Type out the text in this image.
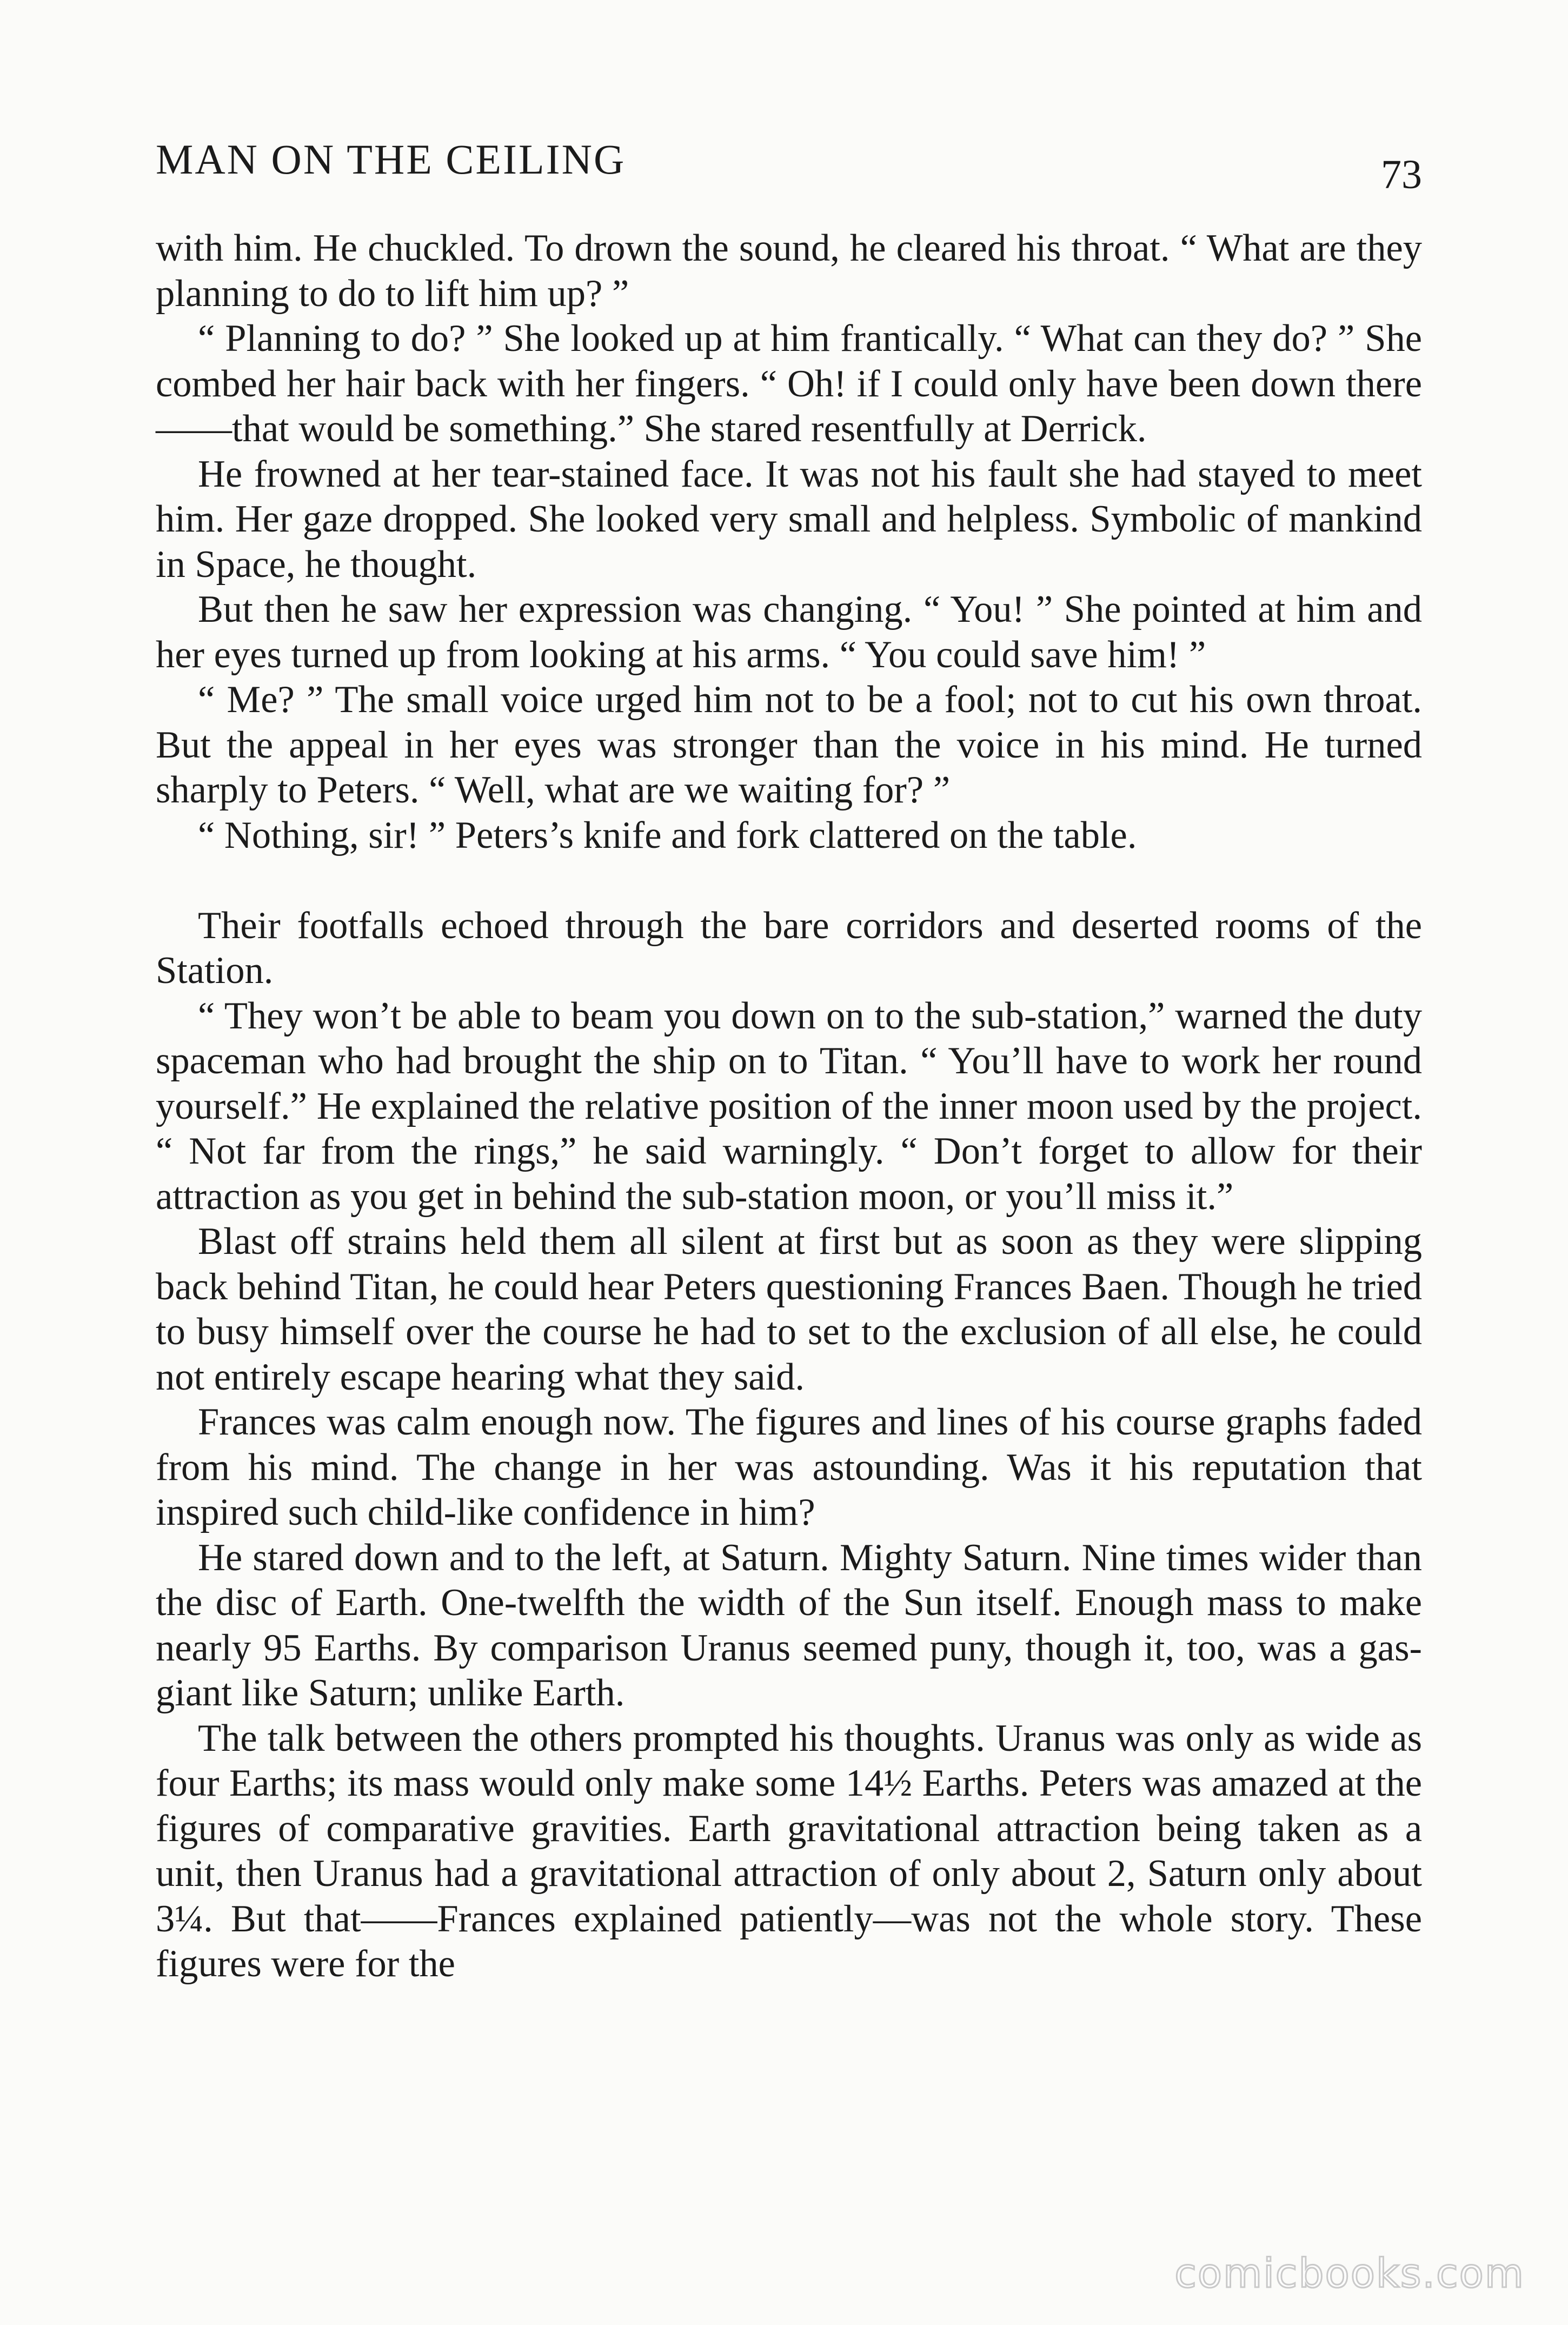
MAN ON THE CEILING	73

with him. He chuckled. To drown the sound, he cleared his throat. “ What are they planning to do to lift him up? ”

“ Planning to do? ” She looked up at him frantically. “ What can they do? ” She combed her hair back with her fingers. “ Oh! if I could only have been down there——that would be something.” She stared resentfully at Derrick.

He frowned at her tear-stained face. It was not his fault she had stayed to meet him. Her gaze dropped. She looked very small and helpless. Symbolic of mankind in Space, he thought.

But then he saw her expression was changing. “ You! ” She pointed at him and her eyes turned up from looking at his arms. “ You could save him! ”

“ Me? ” The small voice urged him not to be a fool; not to cut his own throat. But the appeal in her eyes was stronger than the voice in his mind. He turned sharply to Peters. “ Well, what are we waiting for? ”

“ Nothing, sir! ” Peters’s knife and fork clattered on the table.

Their footfalls echoed through the bare corridors and deserted rooms of the Station.

“ They won’t be able to beam you down on to the sub-station,” warned the duty spaceman who had brought the ship on to Titan. “ You’ll have to work her round yourself.” He explained the relative position of the inner moon used by the project. “ Not far from the rings,” he said warningly. “ Don’t forget to allow for their attraction as you get in behind the sub-station moon, or you’ll miss it.”

Blast off strains held them all silent at first but as soon as they were slipping back behind Titan, he could hear Peters questioning Frances Baen. Though he tried to busy himself over the course he had to set to the exclusion of all else, he could not entirely escape hearing what they said.

Frances was calm enough now. The figures and lines of his course graphs faded from his mind. The change in her was astounding. Was it his reputation that inspired such child-like confidence in him?

He stared down and to the left, at Saturn. Mighty Saturn. Nine times wider than the disc of Earth. One-twelfth the width of the Sun itself. Enough mass to make nearly 95 Earths. By comparison Uranus seemed puny, though it, too, was a gas-giant like Saturn; unlike Earth.

The talk between the others prompted his thoughts. Uranus was only as wide as four Earths; its mass would only make some 14½ Earths. Peters was amazed at the figures of comparative gravities. Earth gravitational attraction being taken as a unit, then Uranus had a gravitational attraction of only about 2, Saturn only about 3¼. But that——Frances explained patiently—was not the whole story. These figures were for the

comicbooks.com
